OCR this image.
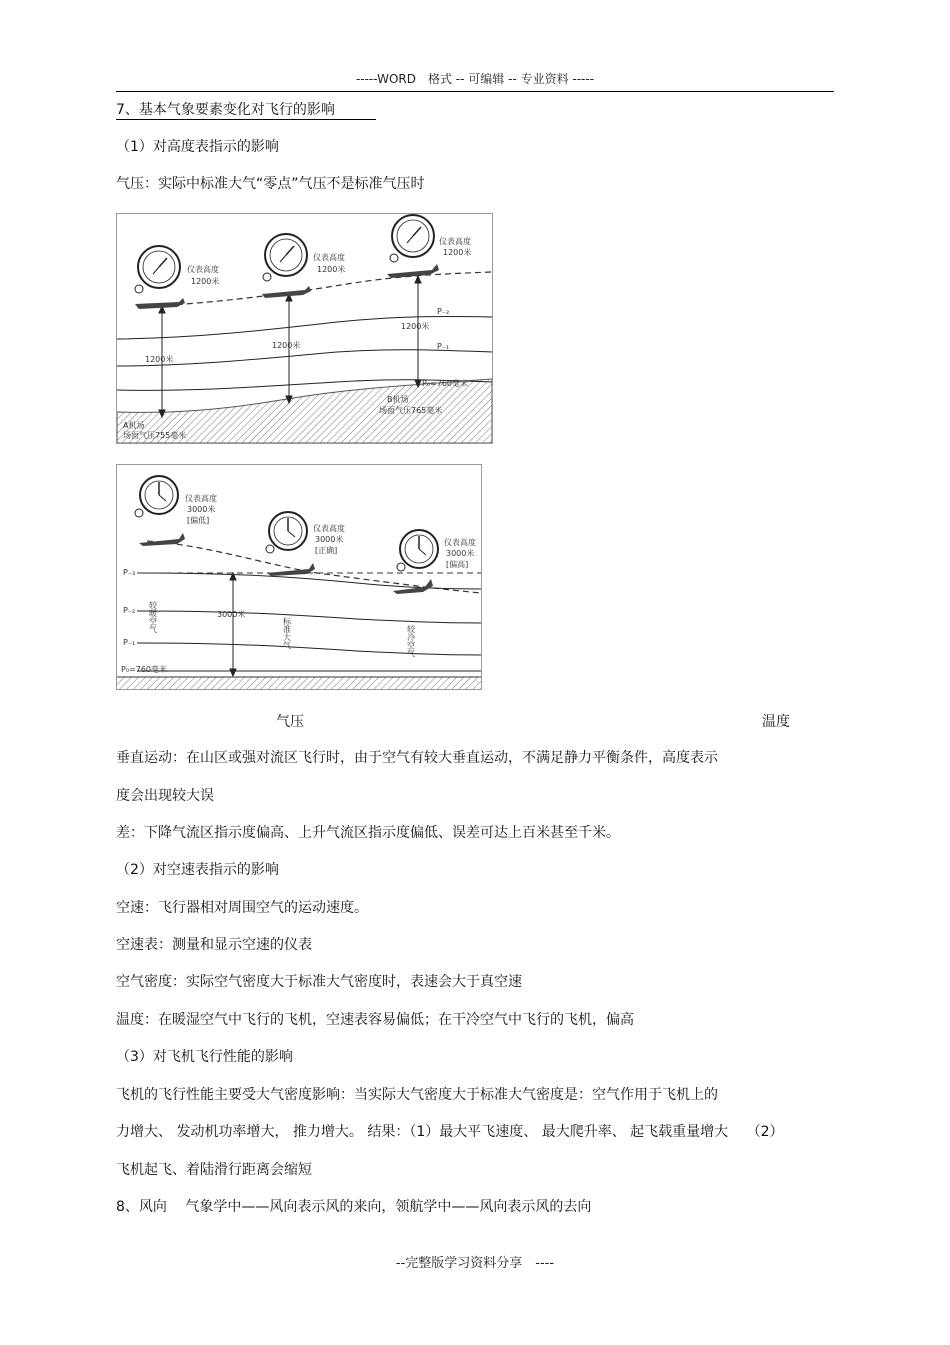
-----WORD　格式 -- 可编辑 -- 专业资料 -----
7、基本气象要素变化对飞行的影响
（1）对高度表指示的影响
气压：实际中标准大气“零点”气压不是标准气压时
仪表高度
1200米
仪表高度
1200米
仪表高度
1200米
1200米
1200米
1200米
P₋₂
P₋₁
P₀=760毫米
B机场
场面气压765毫米
A机场
场面气压755毫米
仪表高度
3000米
[偏低]
仪表高度
3000米
[正确]
仪表高度
3000米
[偏高]
3000米
P₋₃
P₋₂
P₋₁
P₀=760毫米
较暖空气	标准大气	较冷空气
气压	温度
垂直运动：在山区或强对流区飞行时，由于空气有较大垂直运动，不满足静力平衡条件，高度表示
度会出现较大误
差：下降气流区指示度偏高、上升气流区指示度偏低、误差可达上百米甚至千米。
（2）对空速表指示的影响
空速：飞行器相对周围空气的运动速度。
空速表：测量和显示空速的仪表
空气密度：实际空气密度大于标准大气密度时，表速会大于真空速
温度：在暖湿空气中飞行的飞机，空速表容易偏低；在干冷空气中飞行的飞机，偏高
（3）对飞机飞行性能的影响
飞机的飞行性能主要受大气密度影响：当实际大气密度大于标准大气密度是：空气作用于飞机上的
力增大、 发动机功率增大， 推力增大。 结果：（1）最大平飞速度、 最大爬升率、 起飞载重量增大　 （2）
飞机起飞、着陆滑行距离会缩短
8、风向　 气象学中——风向表示风的来向，领航学中——风向表示风的去向
--完整版学习资料分享　----
